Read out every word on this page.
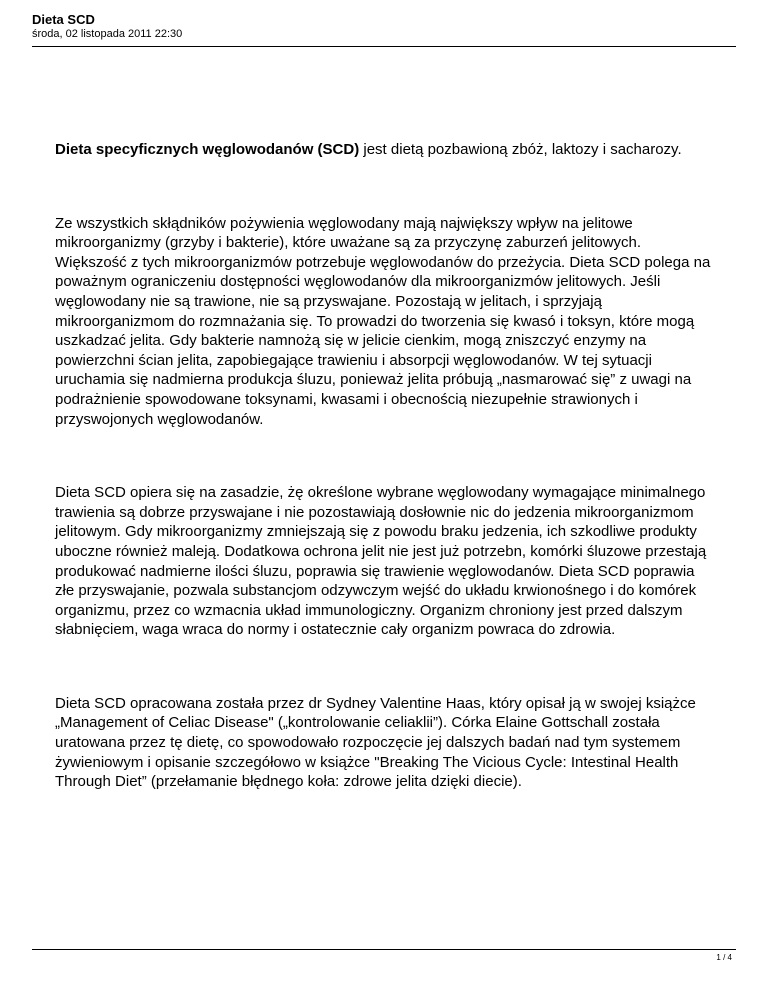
Dieta SCD
środa, 02 listopada 2011 22:30

Dieta specyficznych węglowodanów (SCD) jest dietą pozbawioną zbóż, laktozy i sacharozy.

Ze wszystkich skłądników pożywienia węglowodany mają największy wpływ na jelitowe mikroorganizmy (grzyby i bakterie), które uważane są za przyczynę zaburzeń jelitowych. Większość z tych mikroorganizmów potrzebuje węglowodanów do przeżycia. Dieta SCD polega na poważnym ograniczeniu dostępności węglowodanów dla mikroorganizmów jelitowych. Jeśli węglowodany nie są trawione, nie są przyswajane. Pozostają w jelitach, i sprzyjają mikroorganizmom do rozmnażania się. To prowadzi do tworzenia się kwasó i toksyn, które mogą uszkadzać jelita. Gdy bakterie namnożą się w jelicie cienkim, mogą zniszczyć enzymy na powierzchni ścian jelita, zapobiegające trawieniu i absorpcji węglowodanów. W tej sytuacji uruchamia się nadmierna produkcja śluzu, ponieważ jelita próbują „nasmarować się” z uwagi na podrażnienie spowodowane toksynami, kwasami i obecnością niezupełnie strawionych i przyswojonych węglowodanów.

Dieta SCD opiera się na zasadzie, żę określone wybrane węglowodany wymagające minimalnego trawienia są dobrze przyswajane i nie pozostawiają dosłownie nic do jedzenia mikroorganizmom jelitowym. Gdy mikroorganizmy zmniejszają się z powodu braku jedzenia, ich szkodliwe produkty uboczne również maleją. Dodatkowa ochrona jelit nie jest już potrzebn, komórki śluzowe przestają produkować nadmierne ilości śluzu, poprawia się trawienie węglowodanów. Dieta SCD poprawia złe przyswajanie, pozwala substancjom odzywczym wejść do układu krwionośnego i do komórek organizmu, przez co wzmacnia układ immunologiczny. Organizm chroniony jest przed dalszym słabnięciem, waga wraca do normy i ostatecznie cały organizm powraca do zdrowia.

Dieta SCD opracowana została przez dr Sydney Valentine Haas, który opisał ją w swojej książce „Management of Celiac Disease" („kontrolowanie celiaklii”). Córka Elaine Gottschall została uratowana przez tę dietę, co spowodowało rozpoczęcie jej dalszych badań nad tym systemem żywieniowym i opisanie szczegółowo w książce "Breaking The Vicious Cycle: Intestinal Health Through Diet” (przełamanie błędnego koła: zdrowe jelita dzięki diecie).

1 / 4
